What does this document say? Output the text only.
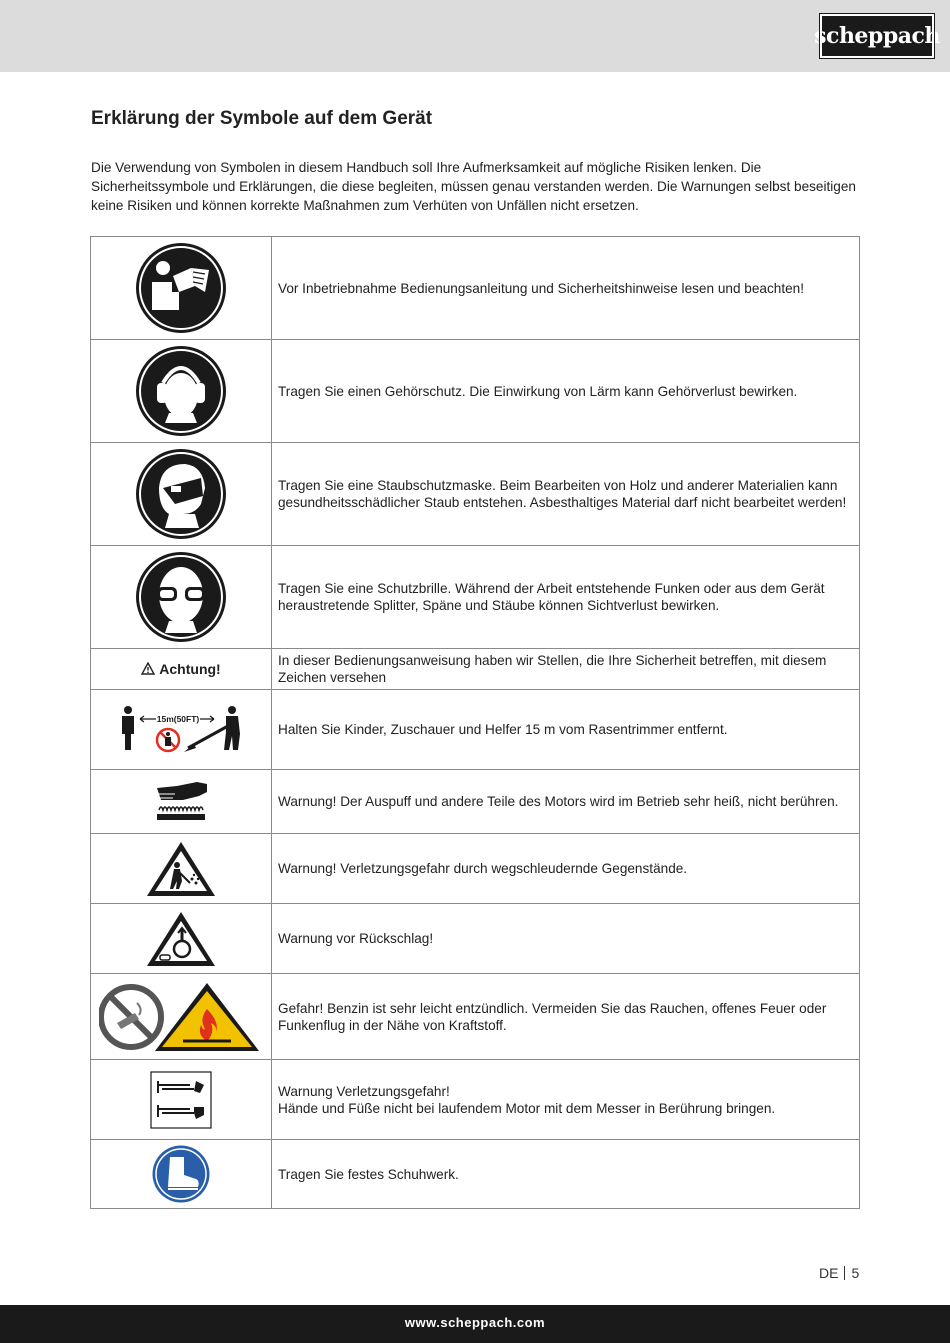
scheppach
Erklärung der Symbole auf dem Gerät

Die Verwendung von Symbolen in diesem Handbuch soll Ihre Aufmerksamkeit auf mögliche Risiken lenken. Die Sicherheitssymbole und Erklärungen, die diese begleiten, müssen genau verstanden werden. Die Warnungen selbst beseitigen keine Risiken und können korrekte Maßnahmen zum Verhüten von Unfällen nicht ersetzen.

	Vor Inbetriebnahme Bedienungsanleitung und Sicherheitshinweise lesen und beachten!

	Tragen Sie einen Gehörschutz. Die Einwirkung von Lärm kann Gehörverlust bewirken.

	Tragen Sie eine Staubschutzmaske. Beim Bearbeiten von Holz und anderer Materialien kann gesundheitsschädlicher Staub entstehen. Asbesthaltiges Material darf nicht bearbeitet werden!

	Tragen Sie eine Schutzbrille. Während der Arbeit entstehende Funken oder aus dem Gerät heraustretende Splitter, Späne und Stäube können Sichtverlust bewirken.
Achtung!	In dieser Bedienungsanweisung haben wir Stellen, die Ihre Sicherheit betreffen, mit diesem Zeichen versehen

15m(50FT)	Halten Sie Kinder, Zuschauer und Helfer 15 m vom Rasentrimmer entfernt.

	Warnung! Der Auspuff und andere Teile des Motors wird im Betrieb sehr heiß, nicht berühren.

	Warnung! Verletzungsgefahr durch wegschleudernde Gegenstände.

	Warnung vor Rückschlag!

	Gefahr! Benzin ist sehr leicht entzündlich. Vermeiden Sie das Rauchen, offenes Feuer oder Funkenflug in der Nähe von Kraftstoff.

	Warnung Verletzungsgefahr!
Hände und Füße nicht bei laufendem Motor mit dem Messer in Berührung bringen.

	Tragen Sie festes Schuhwerk.
DE 5
www.scheppach.com
